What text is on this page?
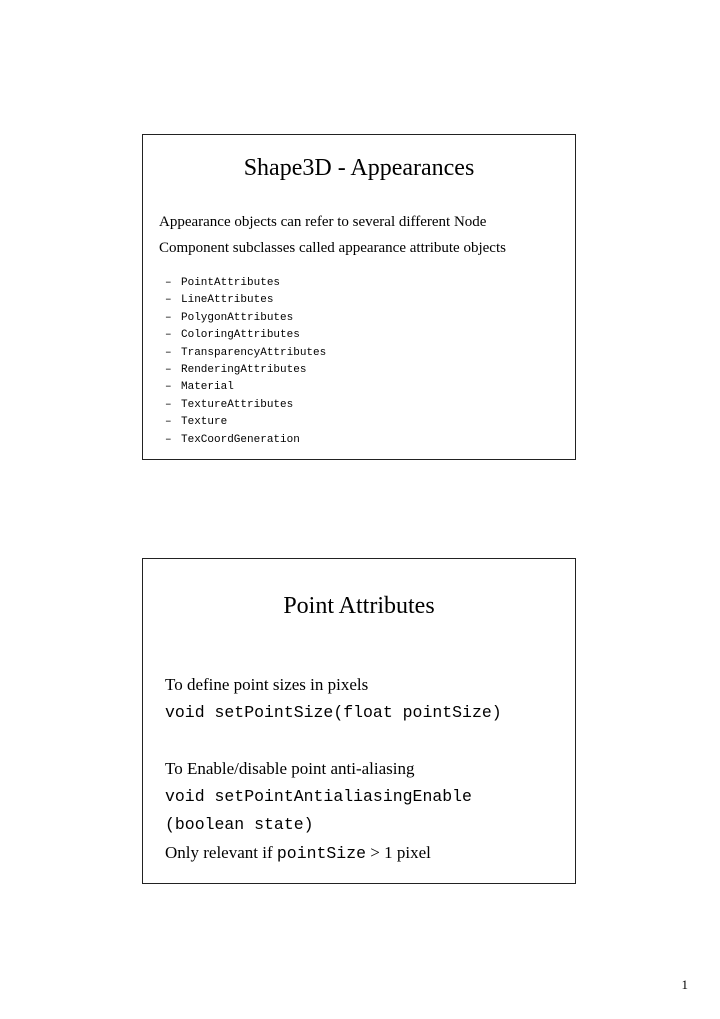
Shape3D - Appearances
Appearance objects can refer to several different Node
Component subclasses called appearance attribute objects
– PointAttributes
– LineAttributes
– PolygonAttributes
– ColoringAttributes
– TransparencyAttributes
– RenderingAttributes
– Material
– TextureAttributes
– Texture
– TexCoordGeneration
Point Attributes
To define point sizes in pixels
void setPointSize(float pointSize)
To Enable/disable point anti-aliasing
void setPointAntialiasingEnable
(boolean state)
Only relevant if pointSize > 1 pixel
1
